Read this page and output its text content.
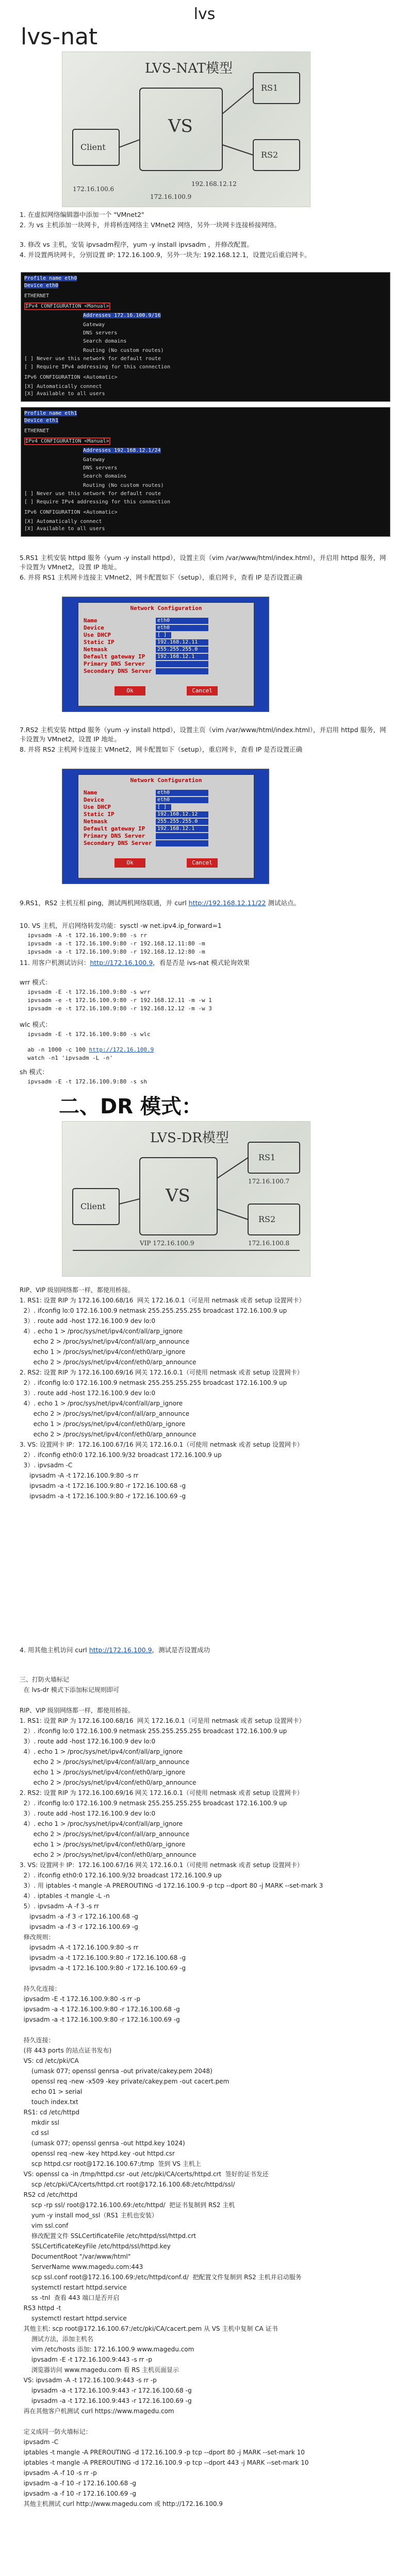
lvs
lvs-nat
LVS-NAT模型
VS
RS1
RS2
Client
192.168.12.12
172.16.100.6
172.16.100.9
1. 在虚拟网络编辑器中添加一个 "VMnet2"
2. 为 vs 主机添加一块网卡，并将桥连网络主 VMnet2 网络，另外一块网卡连接桥接网络。
3. 修改 vs 主机，安装 ipvsadm程序，yum -y install ipvsadm ，并修改配置。
4. 并设置两块网卡，分别设置 IP: 172.16.100.9，另外一块为: 192.168.12.1，设置完后重启网卡。
Profile name eth0
Device eth0
ETHERNET
IPv4 CONFIGURATION <Manual>
Addresses 172.16.100.9/16
Gateway
DNS servers
Search domains
Routing (No custom routes)
[ ] Never use this network for default route
[ ] Require IPv4 addressing for this connection
IPv6 CONFIGURATION <Automatic>
[X] Automatically connect
[X] Available to all users
Profile name eth1
Device eth1
ETHERNET
IPv4 CONFIGURATION <Manual>
Addresses 192.168.12.1/24
Gateway
DNS servers
Search domains
Routing (No custom routes)
[ ] Never use this network for default route
[ ] Require IPv4 addressing for this connection
IPv6 CONFIGURATION <Automatic>
[X] Automatically connect
[X] Available to all users
5.RS1 主机安装 httpd 服务（yum -y install httpd），设置主页（vim /var/www/html/index.html），并启用 httpd 服务，网卡设置为 VMnet2，设置 IP 地址。
6. 并将 RS1 主机网卡连接主 VMnet2，网卡配置如下（setup），重启网卡，查看 IP 是否设置正确
Network Configuration
Name
Device
Use DHCP
Static IP
Netmask
Default gateway IP
Primary DNS Server
Secondary DNS Server
eth0
eth0
[ ]
192.168.12.11
255.255.255.0
192.168.12.1
Ok	Cancel
7.RS2 主机安装 httpd 服务（yum -y install httpd），设置主页（vim /var/www/html/index.html），并启用 httpd 服务，网卡设置为 VMnet2，设置 IP 地址。
8. 并将 RS2 主机网卡连接主 VMnet2，网卡配置如下（setup），重启网卡，查看 IP 是否设置正确
Network Configuration
Name
Device
Use DHCP
Static IP
Netmask
Default gateway IP
Primary DNS Server
Secondary DNS Server
eth0
eth0
[ ]
192.168.12.12
255.255.255.0
192.168.12.1
Ok	Cancel
9.RS1，RS2 主机互相 ping，测试两机网络联通，并 curl http://192.168.12.11/22 测试站点。
10. VS 主机，开启网络转发功能：sysctl -w net.ipv4.ip_forward=1
ipvsadm -A -t 172.16.100.9:80 -s rr
ipvsadm -a -t 172.16.100.9:80 -r 192.168.12.11:80 -m
ipvsadm -a -t 172.16.100.9:80 -r 192.168.12.12:80 -m
11. 用客户机测试访问：http://172.16.100.9，看是否是 ivs-nat 模式轮询效果
wrr 模式：
ipvsadm -E -t 172.16.100.9:80 -s wrr
ipvsadm -e -t 172.16.100.9:80 -r 192.168.12.11 -m -w 1
ipvsadm -e -t 172.16.100.9:80 -r 192.168.12.12 -m -w 3
wlc 模式：
ipvsadm -E -t 172.16.100.9:80 -s wlc
ab -n 1000 -c 100 http://172.16.100.9
watch -n1 'ipvsadm -L -n'
sh 模式：
ipvsadm -E -t 172.16.100.9:80 -s sh
二、DR 模式：
LVS-DR模型
VS
RS1
RS2
Client
VIP 172.16.100.9
172.16.100.7
172.16.100.8
RIP、VIP 级别网络都一样，都使用桥接。
1. RS1: 设置 RIP 为 172.16.100.68/16  网关 172.16.0.1（可是用 netmask 或者 setup 设置网卡）
2）. ifconfig lo:0 172.16.100.9 netmask 255.255.255.255 broadcast 172.16.100.9 up
3）. route add -host 172.16.100.9 dev lo:0
4）. echo 1 > /proc/sys/net/ipv4/conf/all/arp_ignore
echo 2 > /proc/sys/net/ipv4/conf/all/arp_announce
echo 1 > /proc/sys/net/ipv4/conf/eth0/arp_ignore
echo 2 > /proc/sys/net/ipv4/conf/eth0/arp_announce
2. RS2: 设置 RIP 为 172.16.100.69/16 网关 172.16.0.1（可使用 netmask 或者 setup 设置网卡）
2）. ifconfig lo:0 172.16.100.9 netmask 255.255.255.255 broadcast 172.16.100.9 up
3）. route add -host 172.16.100.9 dev lo:0
4）. echo 1 > /proc/sys/net/ipv4/conf/all/arp_ignore
echo 2 > /proc/sys/net/ipv4/conf/all/arp_announce
echo 1 > /proc/sys/net/ipv4/conf/eth0/arp_ignore
echo 2 > /proc/sys/net/ipv4/conf/eth0/arp_announce
3. VS: 设置网卡 IP：172.16.100.67/16 网关 172.16.0.1（可使用 netmask 或者 setup 设置网卡）
2）. ifconfig eth0:0 172.16.100.9/32 broadcast 172.16.100.9 up
3）. ipvsadm -C
ipvsadm -A -t 172.16.100.9:80 -s rr
ipvsadm -a -t 172.16.100.9:80 -r 172.16.100.68 -g
ipvsadm -a -t 172.16.100.9:80 -r 172.16.100.69 -g
4. 用其他主机访问 curl http://172.16.100.9，测试是否设置成功
三、打防火墙标记
在 lvs-dr 模式下添加标记规则即可

RIP、VIP 级别网络都一样，都使用桥接。
1. RS1: 设置 RIP 为 172.16.100.68/16  网关 172.16.0.1（可是用 netmask 或者 setup 设置网卡）
2）. ifconfig lo:0 172.16.100.9 netmask 255.255.255.255 broadcast 172.16.100.9 up
3）. route add -host 172.16.100.9 dev lo:0
4）. echo 1 > /proc/sys/net/ipv4/conf/all/arp_ignore
echo 2 > /proc/sys/net/ipv4/conf/all/arp_announce
echo 1 > /proc/sys/net/ipv4/conf/eth0/arp_ignore
echo 2 > /proc/sys/net/ipv4/conf/eth0/arp_announce
2. RS2: 设置 RIP 为 172.16.100.69/16 网关 172.16.0.1（可使用 netmask 或者 setup 设置网卡）
2）. ifconfig lo:0 172.16.100.9 netmask 255.255.255.255 broadcast 172.16.100.9 up
3）. route add -host 172.16.100.9 dev lo:0
4）. echo 1 > /proc/sys/net/ipv4/conf/all/arp_ignore
echo 2 > /proc/sys/net/ipv4/conf/all/arp_announce
echo 1 > /proc/sys/net/ipv4/conf/eth0/arp_ignore
echo 2 > /proc/sys/net/ipv4/conf/eth0/arp_announce
3. VS: 设置网卡 IP：172.16.100.67/16 网关 172.16.0.1（可使用 netmask 或者 setup 设置网卡）
2）. ifconfig eth0:0 172.16.100.9/32 broadcast 172.16.100.9 up
3）. 用 iptables -t mangle -A PREROUTING -d 172.16.100.9 -p tcp --dport 80 -j MARK --set-mark 3
4）. iptables -t mangle -L -n
5）. ipvsadm -A -f 3 -s rr
ipvsadm -a -f 3 -r 172.16.100.68 -g
ipvsadm -a -f 3 -r 172.16.100.69 -g
修改规则：
ipvsadm -A -t 172.16.100.9:80 -s rr
ipvsadm -a -t 172.16.100.9:80 -r 172.16.100.68 -g
ipvsadm -a -t 172.16.100.9:80 -r 172.16.100.69 -g

持久化连接：
ipvsadm -E -t 172.16.100.9:80 -s rr -p
ipvsadm -a -t 172.16.100.9:80 -r 172.16.100.68 -g
ipvsadm -a -t 172.16.100.9:80 -r 172.16.100.69 -g

持久连接：
(将 443 ports 的站点证书发布)
VS: cd /etc/pki/CA
(umask 077; openssl genrsa -out private/cakey.pem 2048)
openssl req -new -x509 -key private/cakey.pem -out cacert.pem
echo 01 > serial
touch index.txt
RS1: cd /etc/httpd
mkdir ssl
cd ssl
(umask 077; openssl genrsa -out httpd.key 1024)
openssl req -new -key httpd.key -out httpd.csr
scp httpd.csr root@172.16.100.67:/tmp  签到 VS 主机上
VS: openssl ca -in /tmp/httpd.csr -out /etc/pki/CA/certs/httpd.crt  签好的证书发还
scp /etc/pki/CA/certs/httpd.crt root@172.16.100.68:/etc/httpd/ssl/
RS2 cd /etc/httpd
scp -rp ssl/ root@172.16.100.69:/etc/httpd/  把证书复制到 RS2 主机
yum -y install mod_ssl（RS1 主机也安装）
vim ssl.conf
修改配置文件 SSLCertificateFile /etc/httpd/ssl/httpd.crt
SSLCertificateKeyFile /etc/httpd/ssl/httpd.key
DocumentRoot "/var/www/html"
ServerName www.magedu.com:443
scp ssl.conf root@172.16.100.69:/etc/httpd/conf.d/  把配置文件复制到 RS2 主机并启动服务
systemctl restart httpd.service
ss -tnl  查看 443 端口是否开启
RS3 httpd -t
systemctl restart httpd.service
其他主机: scp root@172.16.100.67:/etc/pki/CA/cacert.pem 从 VS 主机中复制 CA 证书
测试方法，添加主机名
vim /etc/hosts 添加: 172.16.100.9 www.magedu.com
ipvsadm -E -t 172.16.100.9:443 -s rr -p
浏览器访问 www.magedu.com 看 RS 主机页面显示
VS: ipvsadm -A -t 172.16.100.9:443 -s rr -p
ipvsadm -a -t 172.16.100.9:443 -r 172.16.100.68 -g
ipvsadm -a -t 172.16.100.9:443 -r 172.16.100.69 -g
再在其他客户机测试 curl https://www.magedu.com

定义成同一防火墙标记：
ipvsadm -C
iptables -t mangle -A PREROUTING -d 172.16.100.9 -p tcp --dport 80 -j MARK --set-mark 10
iptables -t mangle -A PREROUTING -d 172.16.100.9 -p tcp --dport 443 -j MARK --set-mark 10
ipvsadm -A -f 10 -s rr -p
ipvsadm -a -f 10 -r 172.16.100.68 -g
ipvsadm -a -f 10 -r 172.16.100.69 -g
其他主机测试 curl http://www.magedu.com 或 http://172.16.100.9
